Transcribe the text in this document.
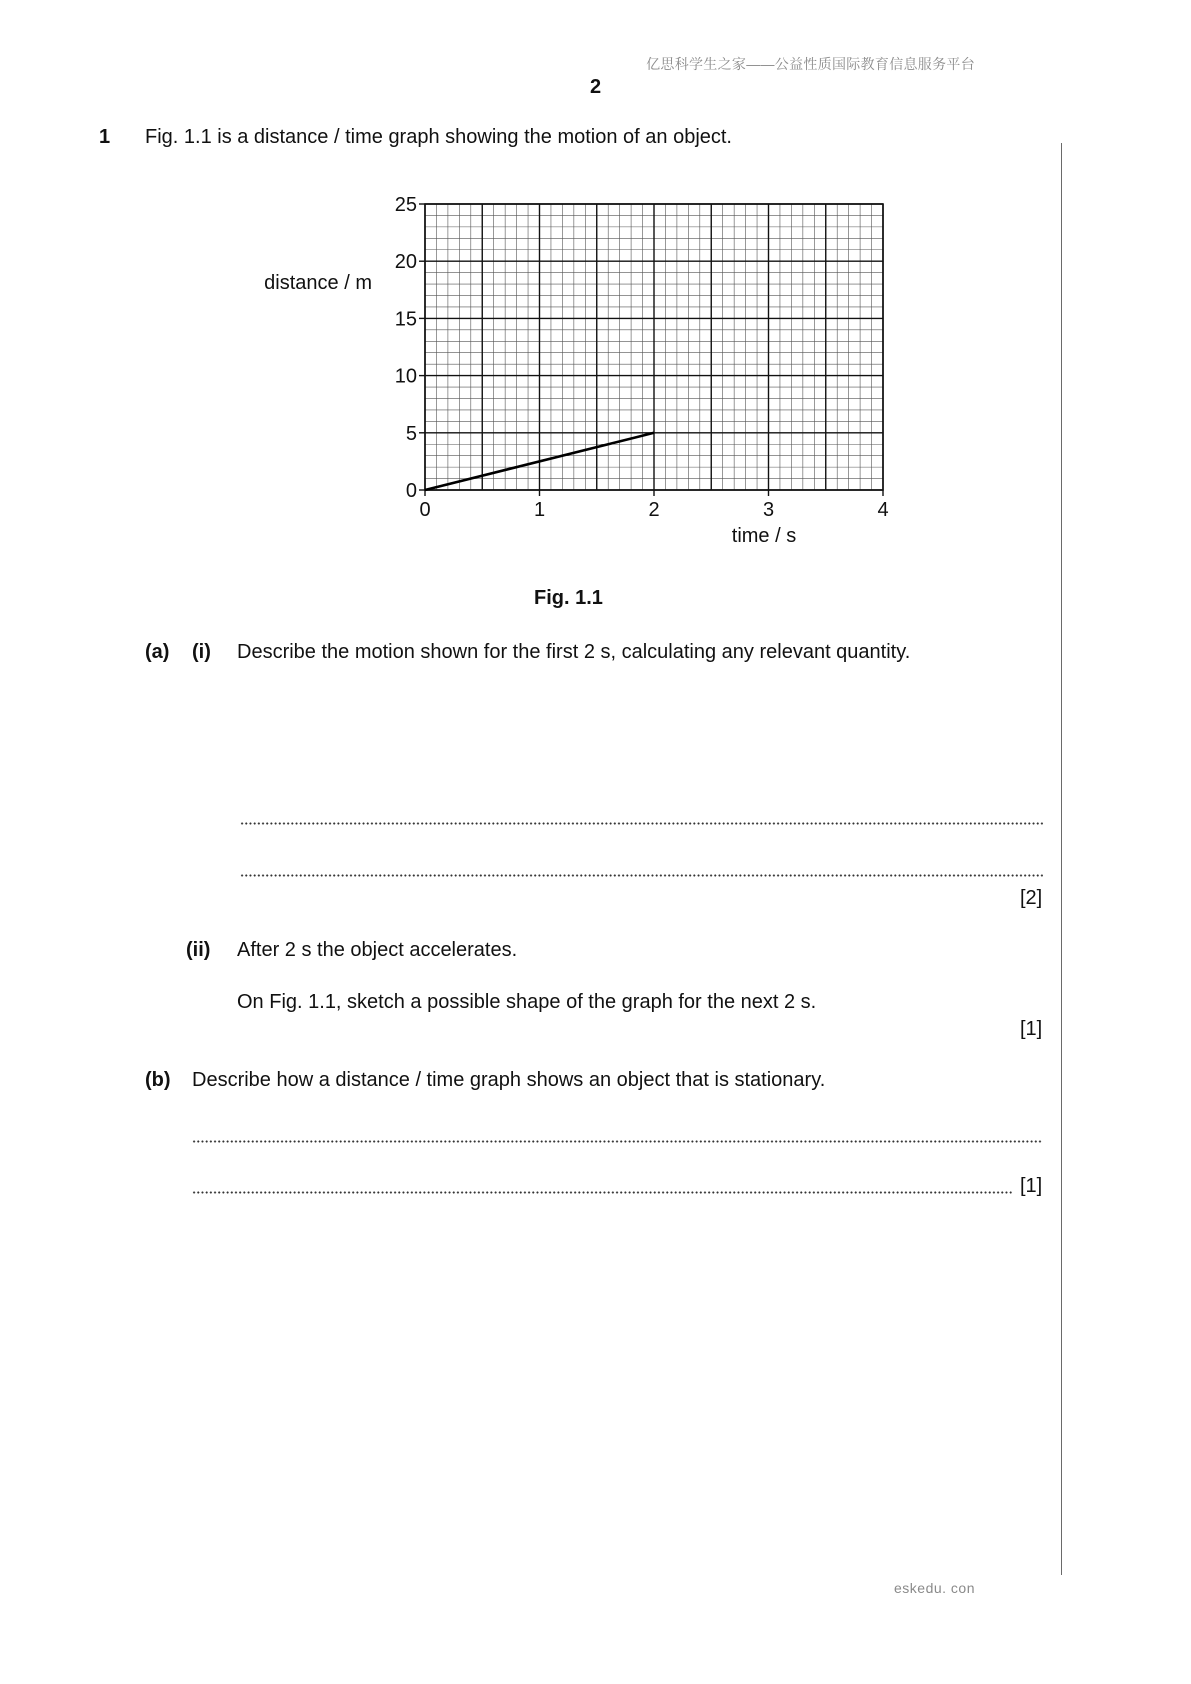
亿思科学生之家——公益性质国际教育信息服务平台
2
1 Fig. 1.1 is a distance / time graph showing the motion of an object.
0	1	2	3	4
0
5
10
15
20
25
distance / m
time / s
Fig. 1.1
(a) (i) Describe the motion shown for the first 2 s, calculating any relevant quantity.
[2]
(ii) After 2 s the object accelerates.
On Fig. 1.1, sketch a possible shape of the graph for the next 2 s.
[1]
(b) Describe how a distance / time graph shows an object that is stationary.
[1]
eskedu. con
